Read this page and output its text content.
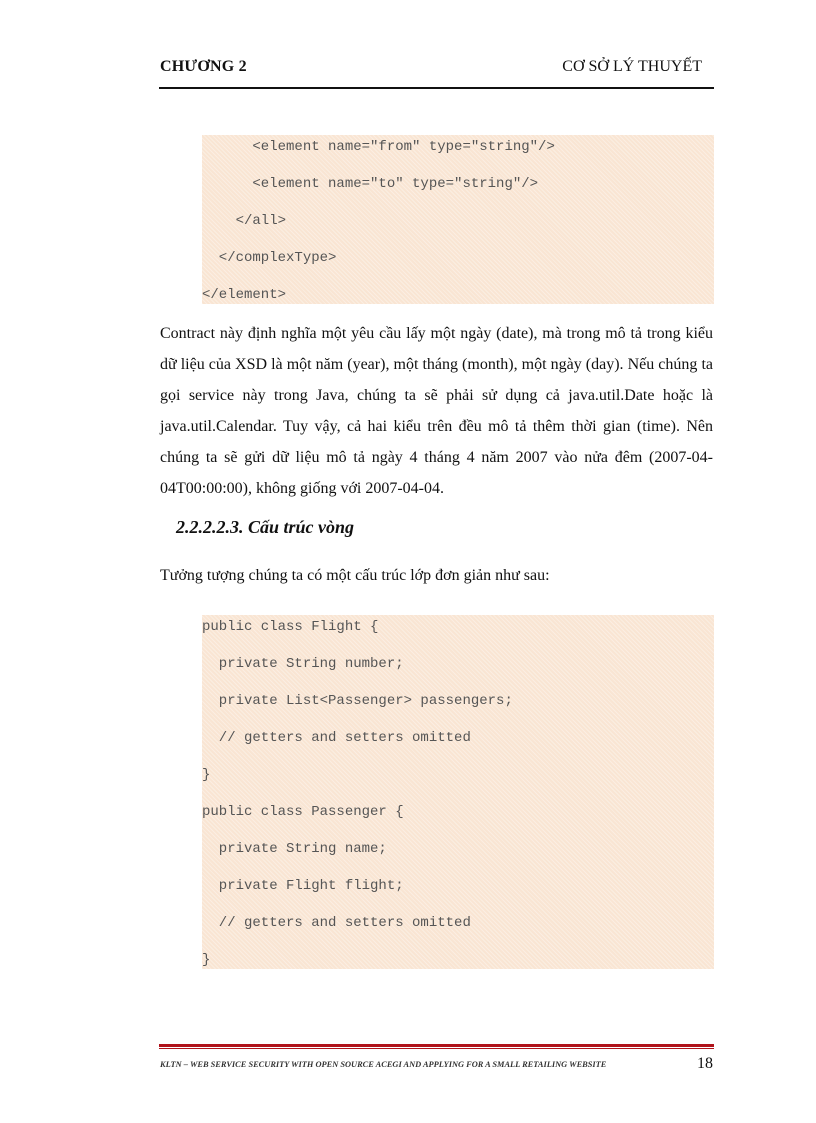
CHƯƠNG 2	CƠ SỞ LÝ THUYẾT
<element name="from" type="string"/>
<element name="to" type="string"/>
</all>
</complexType>
</element>

Contract này định nghĩa một yêu cầu lấy một ngày (date), mà trong mô tả trong kiểu dữ liệu của XSD là một năm (year), một tháng (month), một ngày (day). Nếu chúng ta gọi service này trong Java, chúng ta sẽ phải sử dụng cả java.util.Date hoặc là java.util.Calendar. Tuy vậy, cả hai kiểu trên đều mô tả thêm thời gian (time). Nên chúng ta sẽ gửi dữ liệu mô tả ngày 4 tháng 4 năm 2007 vào nửa đêm (2007-04-04T00:00:00), không giống với 2007-04-04.

2.2.2.2.3. Cấu trúc vòng
Tưởng tượng chúng ta có một cấu trúc lớp đơn giản như sau:
public class Flight {
private String number;
private List<Passenger> passengers;
// getters and setters omitted
}
public class Passenger {
private String name;
private Flight flight;
// getters and setters omitted
}
KLTN – WEB SERVICE SECURITY WITH OPEN SOURCE ACEGI AND APPLYING FOR A SMALL RETAILING WEBSITE	18
